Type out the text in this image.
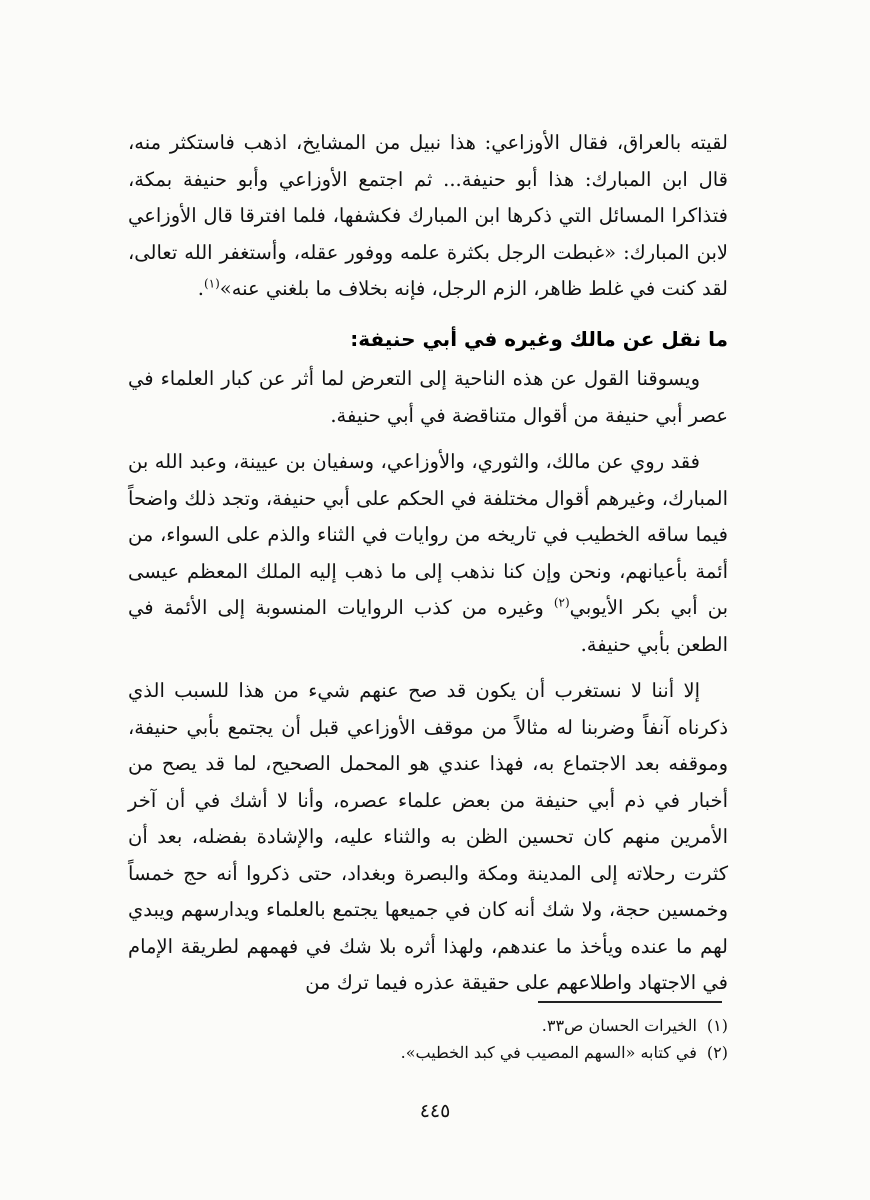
لقيته بالعراق، فقال الأوزاعي: هذا نبيل من المشايخ، اذهب فاستكثر منه، قال ابن المبارك: هذا أبو حنيفة... ثم اجتمع الأوزاعي وأبو حنيفة بمكة، فتذاكرا المسائل التي ذكرها ابن المبارك فكشفها، فلما افترقا قال الأوزاعي لابن المبارك: «غبطت الرجل بكثرة علمه ووفور عقله، وأستغفر الله تعالى، لقد كنت في غلط ظاهر، الزم الرجل، فإنه بخلاف ما بلغني عنه»$^{(١)}$.

ما نقل عن مالك وغيره في أبي حنيفة:

ويسوقنا القول عن هذه الناحية إلى التعرض لما أثر عن كبار العلماء في عصر أبي حنيفة من أقوال متناقضة في أبي حنيفة.

فقد روي عن مالك، والثوري، والأوزاعي، وسفيان بن عيينة، وعبد الله بن المبارك، وغيرهم أقوال مختلفة في الحكم على أبي حنيفة، وتجد ذلك واضحاً فيما ساقه الخطيب في تاريخه من روايات في الثناء والذم على السواء، من أئمة بأعيانهم، ونحن وإن كنا نذهب إلى ما ذهب إليه الملك المعظم عيسى بن أبي بكر الأيوبي$^{(٢)}$ وغيره من كذب الروايات المنسوبة إلى الأئمة في الطعن بأبي حنيفة.

إلا أننا لا نستغرب أن يكون قد صح عنهم شيء من هذا للسبب الذي ذكرناه آنفاً وضربنا له مثالاً من موقف الأوزاعي قبل أن يجتمع بأبي حنيفة، وموقفه بعد الاجتماع به، فهذا عندي هو المحمل الصحيح، لما قد يصح من أخبار في ذم أبي حنيفة من بعض علماء عصره، وأنا لا أشك في أن آخر الأمرين منهم كان تحسين الظن به والثناء عليه، والإشادة بفضله، بعد أن كثرت رحلاته إلى المدينة ومكة والبصرة وبغداد، حتى ذكروا أنه حج خمساً وخمسين حجة، ولا شك أنه كان في جميعها يجتمع بالعلماء ويدارسهم ويبدي لهم ما عنده ويأخذ ما عندهم، ولهذا أثره بلا شك في فهمهم لطريقة الإمام في الاجتهاد واطلاعهم على حقيقة عذره فيما ترك من

(١)الخيرات الحسان ص٣٣.

(٢)في كتابه «السهم المصيب في كبد الخطيب».

٤٤٥
